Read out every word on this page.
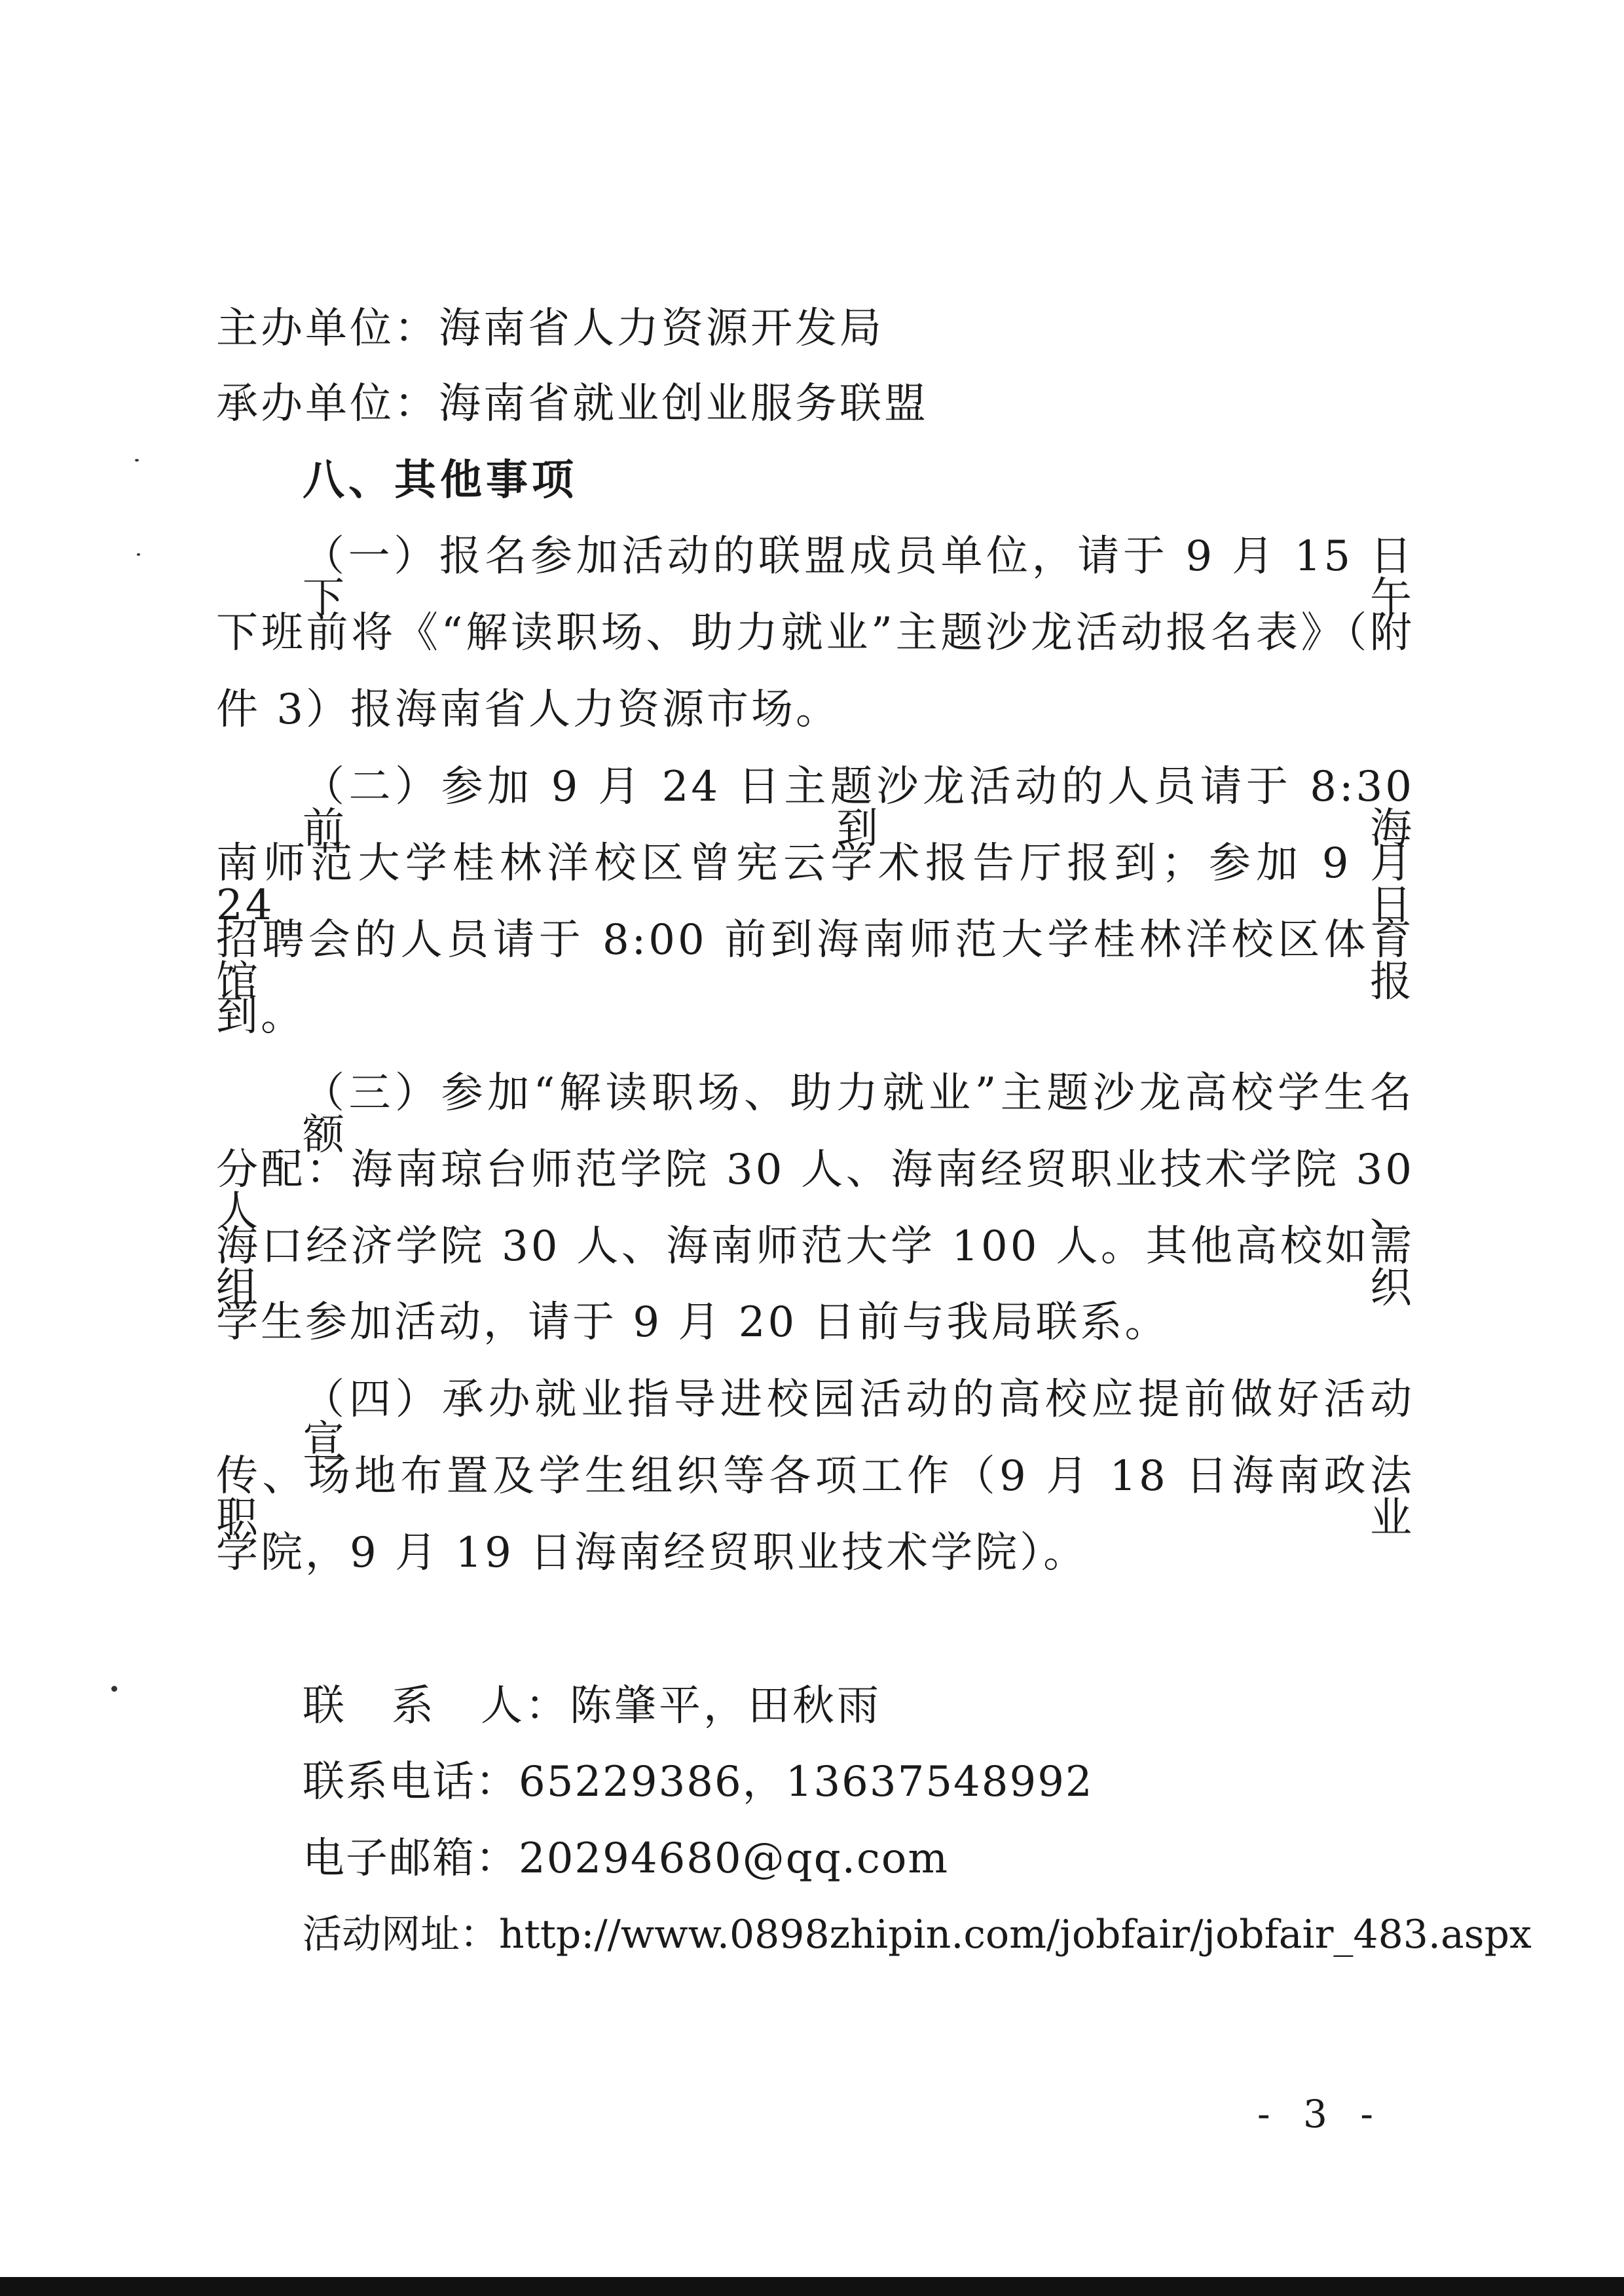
主办单位：海南省人力资源开发局
承办单位：海南省就业创业服务联盟
八、其他事项
（一）报名参加活动的联盟成员单位，请于 9 月 15 日下午
下班前将《“解读职场、助力就业”主题沙龙活动报名表》（附
件 3）报海南省人力资源市场。
（二）参加 9 月 24 日主题沙龙活动的人员请于 8:30 前到海
南师范大学桂林洋校区曾宪云学术报告厅报到；参加 9 月 24 日
招聘会的人员请于 8:00 前到海南师范大学桂林洋校区体育馆报
到。
（三）参加“解读职场、助力就业”主题沙龙高校学生名额
分配：海南琼台师范学院 30 人、海南经贸职业技术学院 30 人、
海口经济学院 30 人、海南师范大学 100 人。其他高校如需组织
学生参加活动，请于 9 月 20 日前与我局联系。
（四）承办就业指导进校园活动的高校应提前做好活动宣
传、场地布置及学生组织等各项工作（9 月 18 日海南政法职业
学院，9 月 19 日海南经贸职业技术学院）。
联　系　人：陈肇平，田秋雨
联系电话：65229386，13637548992
电子邮箱：20294680@qq.com
活动网址：http://www.0898zhipin.com/jobfair/jobfair_483.aspx
- 3 -
